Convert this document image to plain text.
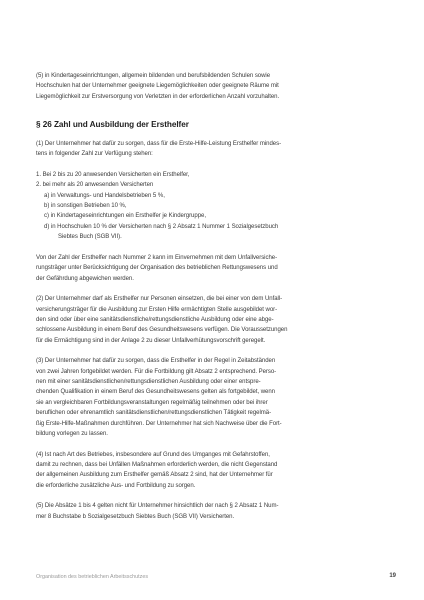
(5) in Kindertageseinrichtungen, allgemein bildenden und berufsbildenden Schulen sowie

Hochschulen hat der Unternehmer geeignete Liegemöglichkeiten oder geeignete Räume mit

Liegemöglichkeit zur Erstversorgung von Verletzten in der erforderlichen Anzahl vorzuhalten.

§ 26 Zahl und Ausbildung der Ersthelfer

(1) Der Unternehmer hat dafür zu sorgen, dass für die Erste-Hilfe-Leistung Ersthelfer mindes-

tens in folgender Zahl zur Verfügung stehen:

1. Bei 2 bis zu 20 anwesenden Versicherten ein Ersthelfer,

2. bei mehr als 20 anwesenden Versicherten

a) in Verwaltungs- und Handelsbetrieben 5 %,

b) in sonstigen Betrieben 10 %,

c) in Kindertageseinrichtungen ein Ersthelfer je Kindergruppe,

d) in Hochschulen 10 % der Versicherten nach § 2 Absatz 1 Nummer 1 Sozialgesetzbuch

Siebtes Buch (SGB VII).

Von der Zahl der Ersthelfer nach Nummer 2 kann im Einvernehmen mit dem Unfallversiche-

rungsträger unter Berücksichtigung der Organisation des betrieblichen Rettungswesens und

der Gefährdung abgewichen werden.

(2) Der Unternehmer darf als Ersthelfer nur Personen einsetzen, die bei einer von dem Unfall-

versicherungsträger für die Ausbildung zur Ersten Hilfe ermächtigten Stelle ausgebildet wor-

den sind oder über eine sanitätsdienstliche/rettungsdienstliche Ausbildung oder eine abge-

schlossene Ausbildung in einem Beruf des Gesundheitswesens verfügen. Die Voraussetzungen

für die Ermächtigung sind in der Anlage 2 zu dieser Unfallverhütungsvorschrift geregelt.

(3) Der Unternehmer hat dafür zu sorgen, dass die Ersthelfer in der Regel in Zeitabständen

von zwei Jahren fortgebildet werden. Für die Fortbildung gilt Absatz 2 entsprechend. Perso-

nen mit einer sanitätsdienstlichen/rettungsdienstlichen Ausbildung oder einer entspre-

chenden Qualifikation in einem Beruf des Gesundheitswesens gelten als fortgebildet, wenn

sie an vergleichbaren Fortbildungsveranstaltungen regelmäßig teilnehmen oder bei ihrer

beruflichen oder ehrenamtlich sanitätsdienstlichen/rettungsdienstlichen Tätigkeit regelmä-

ßig Erste-Hilfe-Maßnahmen durchführen. Der Unternehmer hat sich Nachweise über die Fort-

bildung vorlegen zu lassen.

(4) Ist nach Art des Betriebes, insbesondere auf Grund des Umganges mit Gefahrstoffen,

damit zu rechnen, dass bei Unfällen Maßnahmen erforderlich werden, die nicht Gegenstand

der allgemeinen Ausbildung zum Ersthelfer gemäß Absatz 2 sind, hat der Unternehmer für

die erforderliche zusätzliche Aus- und Fortbildung zu sorgen.

(5) Die Absätze 1 bis 4 gelten nicht für Unternehmer hinsichtlich der nach § 2 Absatz 1 Num-

mer 8 Buchstabe b Sozialgesetzbuch Siebtes Buch (SGB VII) Versicherten.

Organisation des betrieblichen Arbeitsschutzes	19
